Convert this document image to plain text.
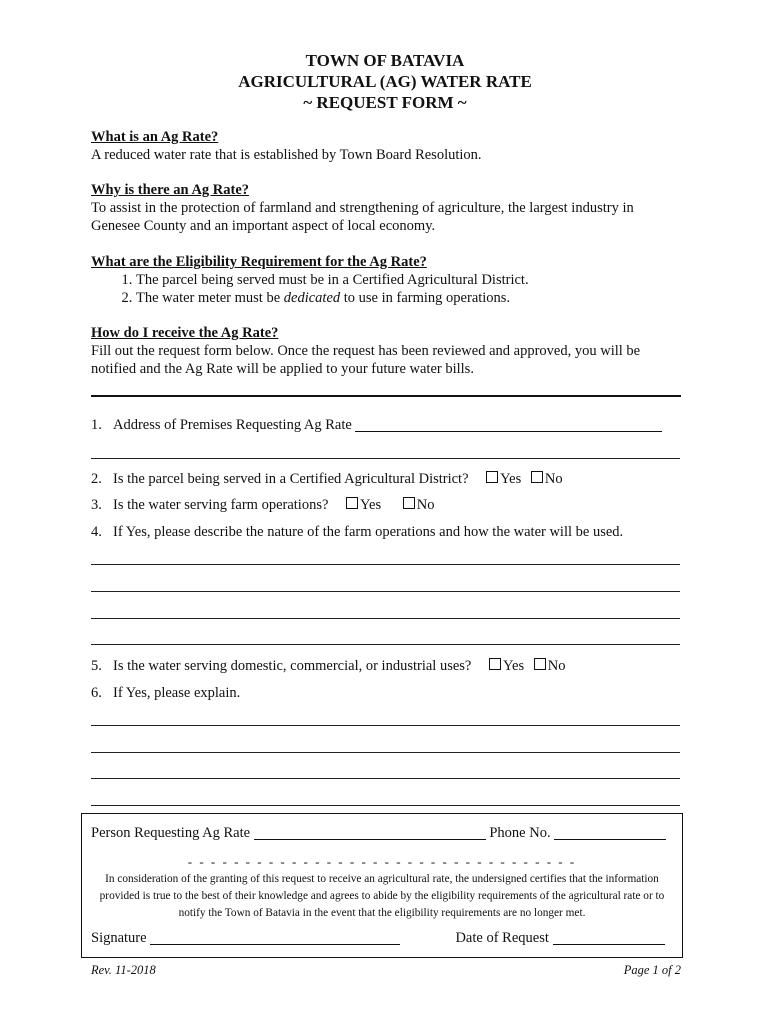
TOWN OF BATAVIA
AGRICULTURAL (AG) WATER RATE
~ REQUEST FORM ~
What is an Ag Rate?
A reduced water rate that is established by Town Board Resolution.
Why is there an Ag Rate?
To assist in the protection of farmland and strengthening of agriculture, the largest industry in Genesee County and an important aspect of local economy.
What are the Eligibility Requirement for the Ag Rate?
1. The parcel being served must be in a Certified Agricultural District.
2. The water meter must be dedicated to use in farming operations.
How do I receive the Ag Rate?
Fill out the request form below. Once the request has been reviewed and approved, you will be notified and the Ag Rate will be applied to your future water bills.
1. Address of Premises Requesting Ag Rate
2. Is the parcel being served in a Certified Agricultural District? Yes No
3. Is the water serving farm operations? Yes No
4. If Yes, please describe the nature of the farm operations and how the water will be used.
5. Is the water serving domestic, commercial, or industrial uses? Yes No
6. If Yes, please explain.
Person Requesting Ag Rate	Phone No.
- - - - - - - - - - - - - - - - - - - - - - - - - - - - - - - - - -
In consideration of the granting of this request to receive an agricultural rate, the undersigned certifies that the information provided is true to the best of their knowledge and agrees to abide by the eligibility requirements of the agricultural rate or to notify the Town of Batavia in the event that the eligibility requirements are no longer met.
Signature	Date of Request
Rev. 11-2018	Page 1 of 2
